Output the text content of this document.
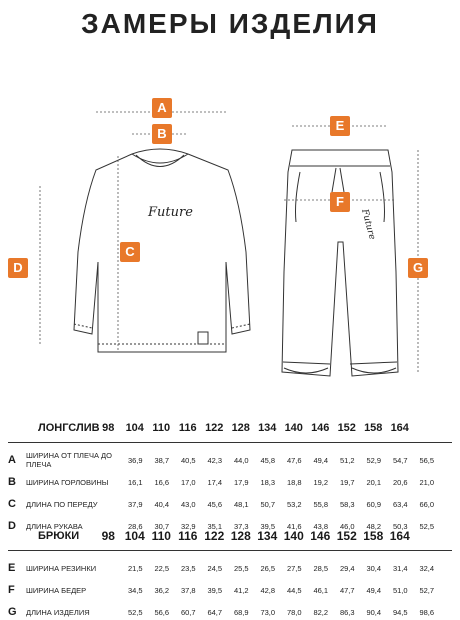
ЗАМЕРЫ ИЗДЕЛИЯ
Future	Future
A
B
C
D
E
F
G
ЛОНГСЛИВ 98	104 110 116 122 128 134 140 146 152 158 164
A	ШИРИНА ОТ ПЛЕЧА ДО ПЛЕЧА	36,9	38,7	40,5	42,3	44,0	45,8	47,6	49,4	51,2	52,9	54,7	56,5
B	ШИРИНА ГОРЛОВИНЫ	16,1	16,6	17,0	17,4	17,9	18,3	18,8	19,2	19,7	20,1	20,6	21,0
C	ДЛИНА ПО ПЕРЕДУ	37,9	40,4	43,0	45,6	48,1	50,7	53,2	55,8	58,3	60,9	63,4	66,0
D	ДЛИНА РУКАВА	28,6	30,7	32,9	35,1	37,3	39,5	41,6	43,8	46,0	48,2	50,3	52,5
БРЮКИ	98 104 110 116 122 128 134 140 146 152 158 164
E	ШИРИНА РЕЗИНКИ	21,5	22,5	23,5	24,5	25,5	26,5	27,5	28,5	29,4	30,4	31,4	32,4
F	ШИРИНА БЕДЕР	34,5	36,2	37,8	39,5	41,2	42,8	44,5	46,1	47,7	49,4	51,0	52,7
G	ДЛИНА ИЗДЕЛИЯ	52,5	56,6	60,7	64,7	68,9	73,0	78,0	82,2	86,3	90,4	94,5	98,6
